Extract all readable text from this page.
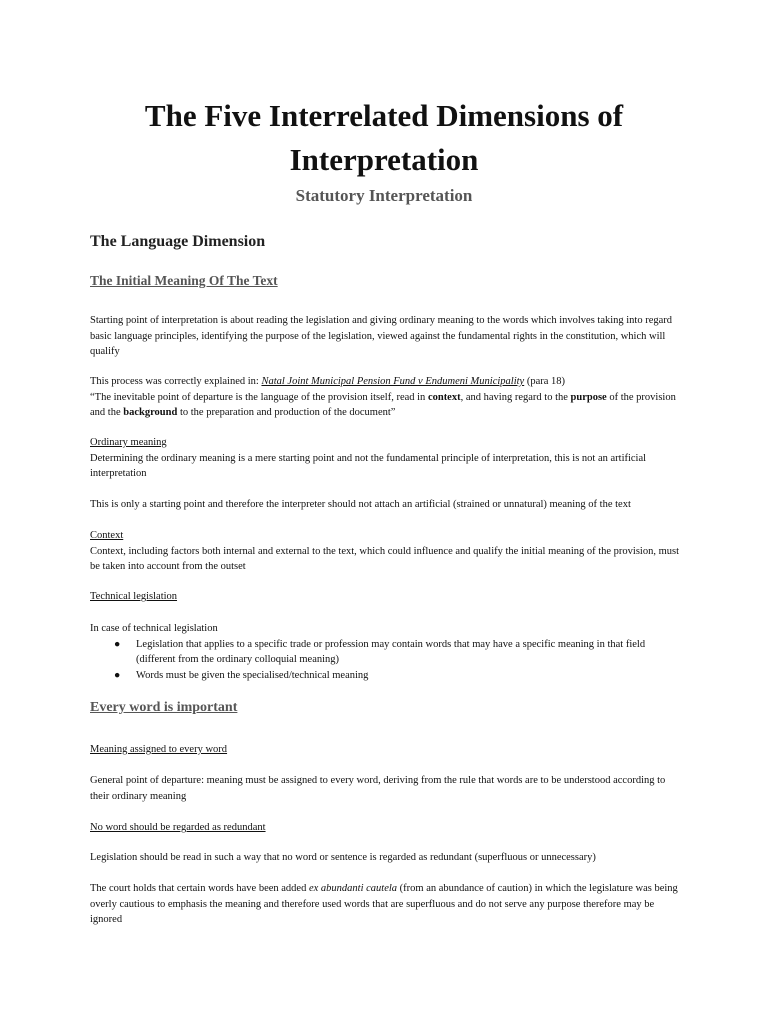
The Five Interrelated Dimensions of
Interpretation
Statutory Interpretation
The Language Dimension
The Initial Meaning Of The Text
Starting point of interpretation is about reading the legislation and giving ordinary meaning to the words which involves taking into regard basic language principles, identifying the purpose of the legislation, viewed against the fundamental rights in the constitution, which will qualify
This process was correctly explained in: Natal Joint Municipal Pension Fund v Endumeni Municipality (para 18)
“The inevitable point of departure is the language of the provision itself, read in context, and having regard to the purpose of the provision and the background to the preparation and production of the document”
Ordinary meaning
Determining the ordinary meaning is a mere starting point and not the fundamental principle of interpretation, this is not an artificial interpretation
This is only a starting point and therefore the interpreter should not attach an artificial (strained or unnatural) meaning of the text
Context
Context, including factors both internal and external to the text, which could influence and qualify the initial meaning of the provision, must be taken into account from the outset
Technical legislation
In case of technical legislation
● Legislation that applies to a specific trade or profession may contain words that may have a specific meaning in that field (different from the ordinary colloquial meaning)
● Words must be given the specialised/technical meaning
Every word is important
Meaning assigned to every word
General point of departure: meaning must be assigned to every word, deriving from the rule that words are to be understood according to their ordinary meaning
No word should be regarded as redundant
Legislation should be read in such a way that no word or sentence is regarded as redundant (superfluous or unnecessary)
The court holds that certain words have been added ex abundanti cautela (from an abundance of caution) in which the legislature was being overly cautious to emphasis the meaning and therefore used words that are superfluous and do not serve any purpose therefore may be ignored
